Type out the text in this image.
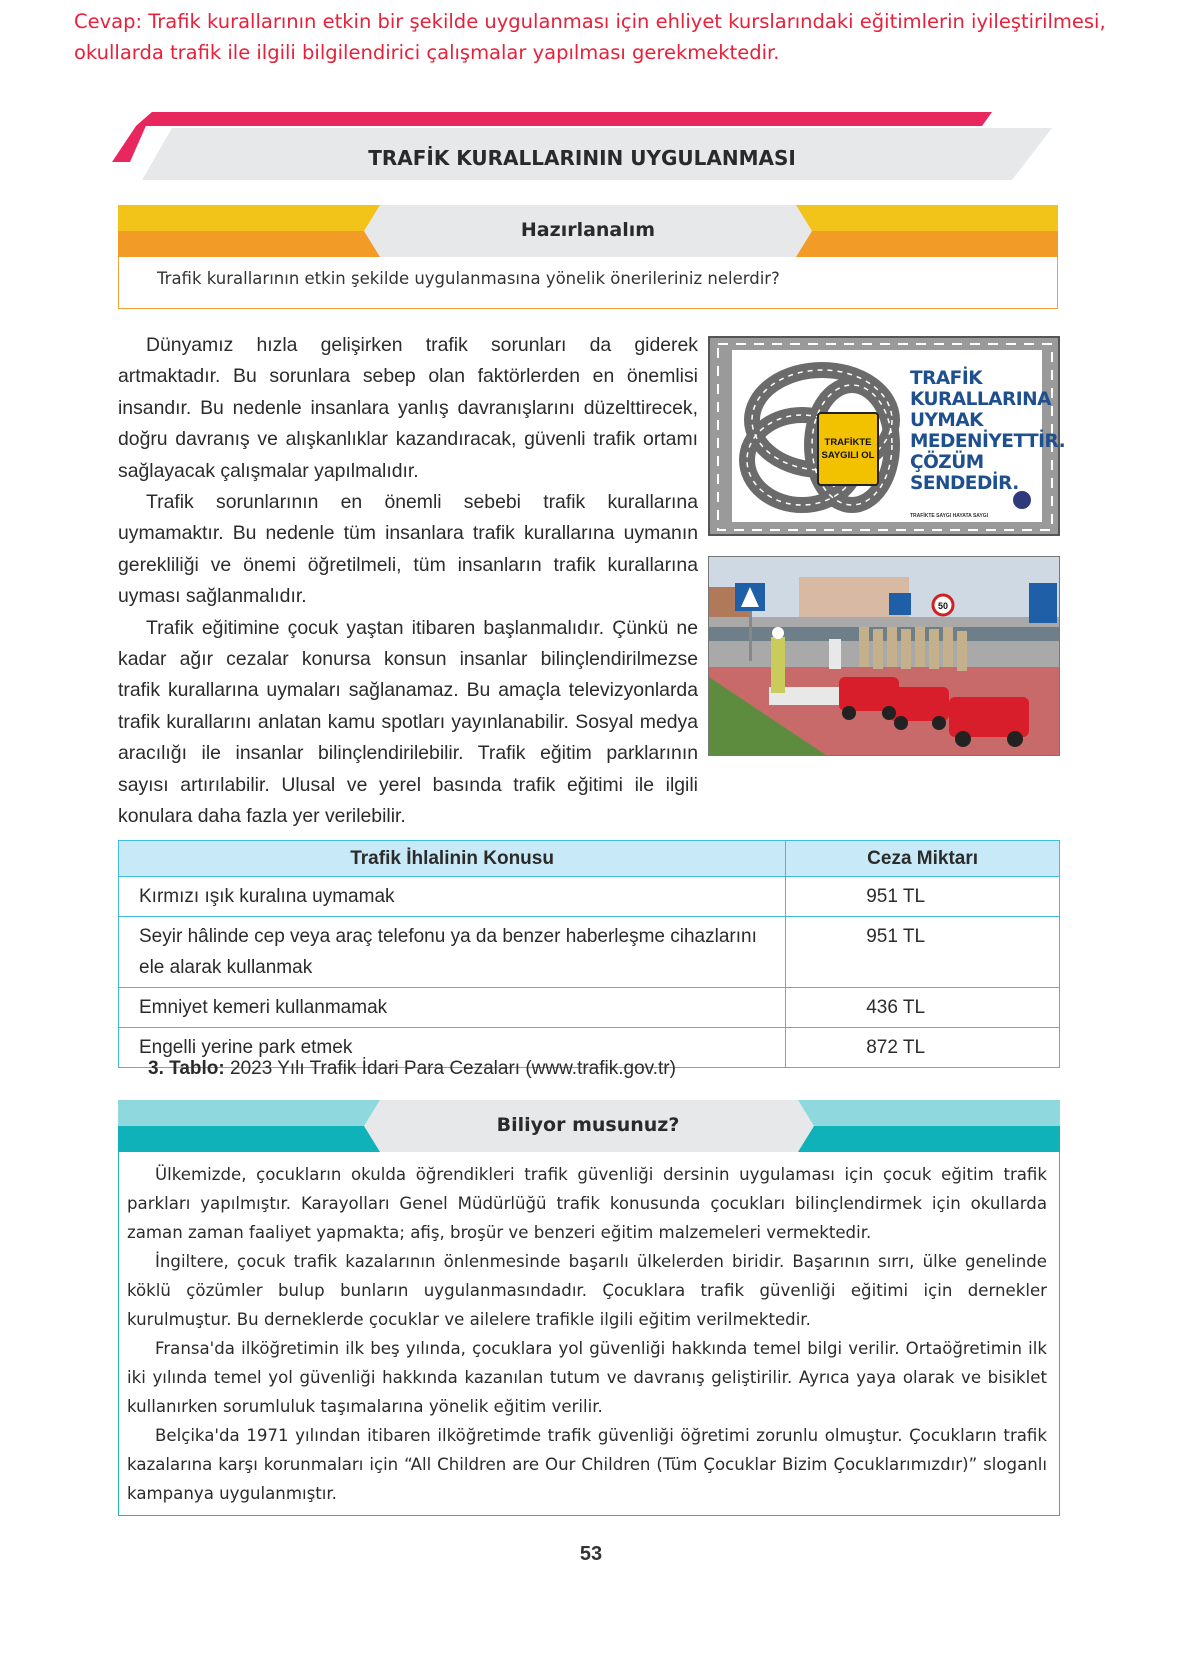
Cevap: Trafik kurallarının etkin bir şekilde uygulanması için ehliyet kurslarındaki eğitimlerin iyileştirilmesi, okullarda trafik ile ilgili bilgilendirici çalışmalar yapılması gerekmektedir.
TRAFİK KURALLARININ UYGULANMASI
Hazırlanalım
Trafik kurallarının etkin şekilde uygulanmasına yönelik önerileriniz nelerdir?

Dünyamız hızla gelişirken trafik sorunları da giderek artmaktadır. Bu sorunlara sebep olan faktörlerden en önemlisi insandır. Bu nedenle insanlara yanlış davranışlarını düzelttirecek, doğru davranış ve alışkanlıklar kazandıracak, güvenli trafik ortamı sağlayacak çalışmalar yapılmalıdır.

Trafik sorunlarının en önemli sebebi trafik kurallarına uymamaktır. Bu nedenle tüm insanlara trafik kurallarına uymanın gerekliliği ve önemi öğretilmeli, tüm insanların trafik kurallarına uyması sağlanmalıdır.

Trafik eğitimine çocuk yaştan itibaren başlanmalıdır. Çünkü ne kadar ağır cezalar konursa konsun insanlar bilinçlendirilmezse trafik kurallarına uymaları sağlanamaz. Bu amaçla televizyonlarda trafik kurallarını anlatan kamu spotları yayınlanabilir. Sosyal medya aracılığı ile insanlar bilinçlendirilebilir. Trafik eğitim parklarının sayısı artırılabilir. Ulusal ve yerel basında trafik eğitimi ile ilgili konulara daha fazla yer verilebilir.

TRAFİKTE SAYGILI OL
TRAFİK
KURALLARINA
UYMAK
MEDENİYETTİR.
ÇÖZÜM
SENDEDİR.
TRAFİKTE SAYGI HAYATA SAYGI
50
Trafik İhlalinin Konusu	Ceza Miktarı
Kırmızı ışık kuralına uymamak	951 TL
Seyir hâlinde cep veya araç telefonu ya da benzer haberleşme cihazlarını ele alarak kullanmak	951 TL
Emniyet kemeri kullanmamak	436 TL
Engelli yerine park etmek	872 TL
3. Tablo: 2023 Yılı Trafik İdari Para Cezaları (www.trafik.gov.tr)
Biliyor musunuz?

Ülkemizde, çocukların okulda öğrendikleri trafik güvenliği dersinin uygulaması için çocuk eğitim trafik parkları yapılmıştır. Karayolları Genel Müdürlüğü trafik konusunda çocukları bilinçlendirmek için okullarda zaman zaman faaliyet yapmakta; afiş, broşür ve benzeri eğitim malzemeleri vermektedir.

İngiltere, çocuk trafik kazalarının önlenmesinde başarılı ülkelerden biridir. Başarının sırrı, ülke genelinde köklü çözümler bulup bunların uygulanmasındadır. Çocuklara trafik güvenliği eğitimi için dernekler kurulmuştur. Bu derneklerde çocuklar ve ailelere trafikle ilgili eğitim verilmektedir.

Fransa'da ilköğretimin ilk beş yılında, çocuklara yol güvenliği hakkında temel bilgi verilir. Ortaöğretimin ilk iki yılında temel yol güvenliği hakkında kazanılan tutum ve davranış geliştirilir. Ayrıca yaya olarak ve bisiklet kullanırken sorumluluk taşımalarına yönelik eğitim verilir.

Belçika'da 1971 yılından itibaren ilköğretimde trafik güvenliği öğretimi zorunlu olmuştur. Çocukların trafik kazalarına karşı korunmaları için “All Children are Our Children (Tüm Çocuklar Bizim Çocuklarımızdır)” sloganlı kampanya uygulanmıştır.

53
